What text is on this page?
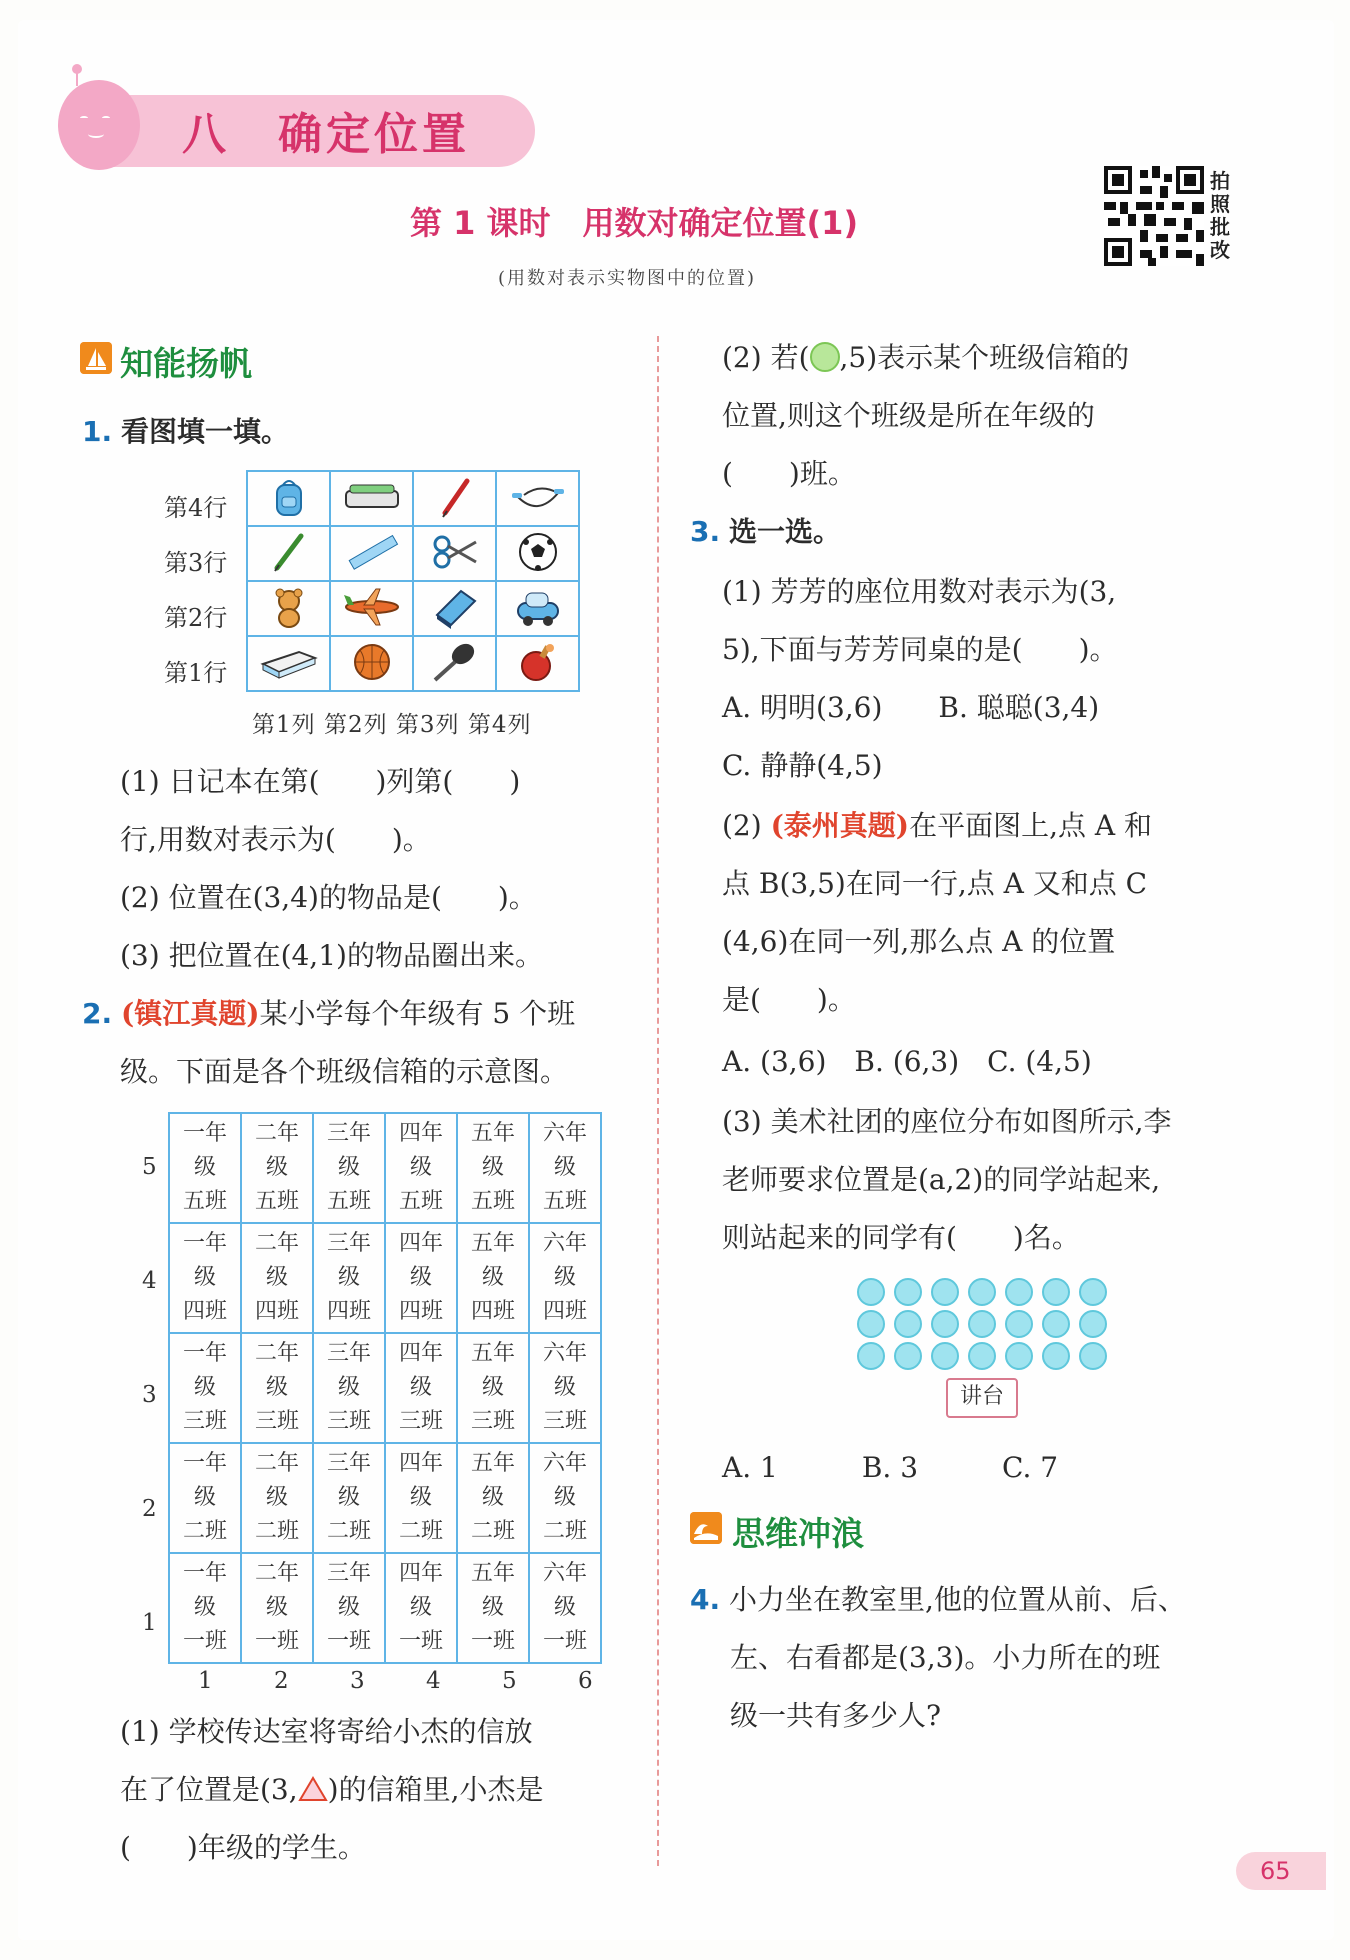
八　确定位置
第 1 课时　用数对确定位置(1)
(用数对表示实物图中的位置)
拍照批改
知能扬帆
1. 看图填一填。
第4行
第3行
第2行
第1行

第1列 第2列 第3列 第4列
(1) 日记本在第(　　)列第(　　)
行,用数对表示为(　　)。
(2) 位置在(3,4)的物品是(　　)。
(3) 把位置在(4,1)的物品圈出来。
2. (镇江真题)某小学每个年级有 5 个班
级。下面是各个班级信箱的示意图。
一年
级
五班	二年
级
五班	三年
级
五班	四年
级
五班	五年
级
五班	六年
级
五班

一年
级
四班	二年
级
四班	三年
级
四班	四年
级
四班	五年
级
四班	六年
级
四班

一年
级
三班	二年
级
三班	三年
级
三班	四年
级
三班	五年
级
三班	六年
级
三班

一年
级
二班	二年
级
二班	三年
级
二班	四年
级
二班	五年
级
二班	六年
级
二班

一年
级
一班	二年
级
一班	三年
级
一班	四年
级
一班	五年
级
一班	六年
级
一班
5
4
3
2
1
1	2	3	4	5	6
(1) 学校传达室将寄给小杰的信放
在了位置是(3, )的信箱里,小杰是
(　　)年级的学生。
(2) 若( ,5)表示某个班级信箱的
位置,则这个班级是所在年级的
(　　)班。
3. 选一选。
(1) 芳芳的座位用数对表示为(3,
5),下面与芳芳同桌的是(　　)。
A. 明明(3,6)　　B. 聪聪(3,4)
C. 静静(4,5)
(2) (泰州真题)在平面图上,点 A 和
点 B(3,5)在同一行,点 A 又和点 C
(4,6)在同一列,那么点 A 的位置
是(　　)。
A. (3,6)　B. (6,3)　C. (4,5)
(3) 美术社团的座位分布如图所示,李
老师要求位置是(a,2)的同学站起来,
则站起来的同学有(　　)名。
讲台
A. 1　　　B. 3　　　C. 7
思维冲浪
4. 小力坐在教室里,他的位置从前、后、
左、右看都是(3,3)。小力所在的班
级一共有多少人?
65
